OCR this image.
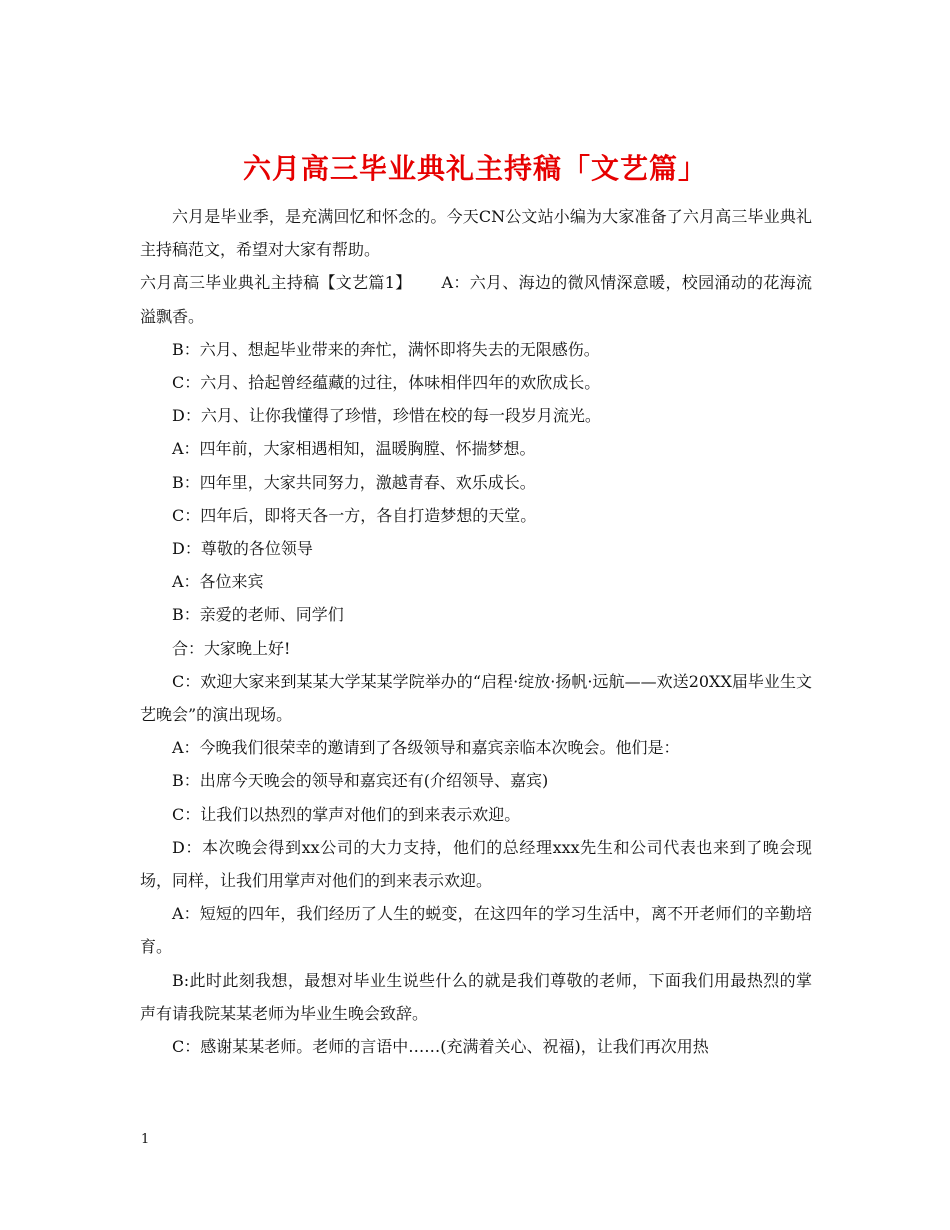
六月高三毕业典礼主持稿「文艺篇」

六月是毕业季，是充满回忆和怀念的。今天CN公文站小编为大家准备了六月高三毕业典礼主持稿范文，希望对大家有帮助。

六月高三毕业典礼主持稿【文艺篇1】　　 A：六月、海边的微风情深意暖，校园涌动的花海流溢飘香。

B：六月、想起毕业带来的奔忙，满怀即将失去的无限感伤。

C：六月、拾起曾经蕴藏的过往，体味相伴四年的欢欣成长。

D：六月、让你我懂得了珍惜，珍惜在校的每一段岁月流光。

A：四年前，大家相遇相知，温暖胸膛、怀揣梦想。

B：四年里，大家共同努力，激越青春、欢乐成长。

C：四年后，即将天各一方，各自打造梦想的天堂。

D：尊敬的各位领导

A：各位来宾

B：亲爱的老师、同学们

合：大家晚上好!

C：欢迎大家来到某某大学某某学院举办的“启程·绽放·扬帆·远航——欢送20XX届毕业生文艺晚会”的演出现场。

A：今晚我们很荣幸的邀请到了各级领导和嘉宾亲临本次晚会。他们是：

B：出席今天晚会的领导和嘉宾还有(介绍领导、嘉宾)

C：让我们以热烈的掌声对他们的到来表示欢迎。

D：本次晚会得到xx公司的大力支持，他们的总经理xxx先生和公司代表也来到了晚会现场，同样，让我们用掌声对他们的到来表示欢迎。

A：短短的四年，我们经历了人生的蜕变，在这四年的学习生活中，离不开老师们的辛勤培育。

B:此时此刻我想，最想对毕业生说些什么的就是我们尊敬的老师，下面我们用最热烈的掌声有请我院某某老师为毕业生晚会致辞。

C：感谢某某老师。老师的言语中……(充满着关心、祝福)，让我们再次用热

1
